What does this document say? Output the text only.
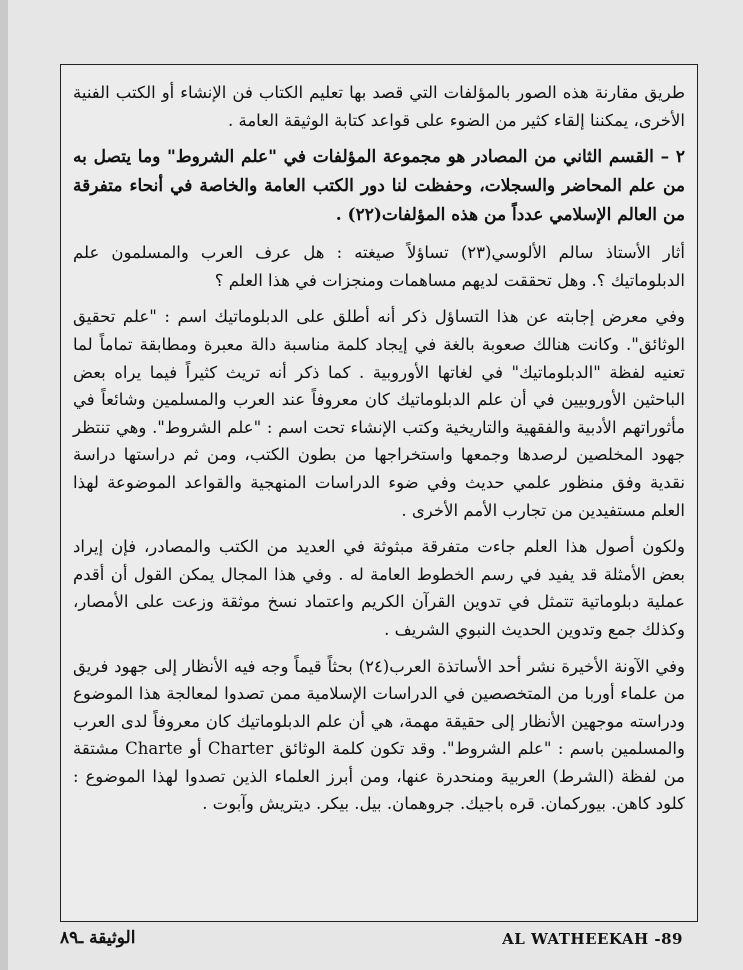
طريق مقارنة هذه الصور بالمؤلفات التي قصد بها تعليم الكتاب فن الإنشاء أو الكتب الفنية الأخرى، يمكننا إلقاء كثير من الضوء على قواعد كتابة الوثيقة العامة .

٢ – القسم الثاني من المصادر هو مجموعة المؤلفات في "علم الشروط" وما يتصل به من علم المحاضر والسجلات، وحفظت لنا دور الكتب العامة والخاصة في أنحاء متفرقة من العالم الإسلامي عدداً من هذه المؤلفات(٢٢) .

أثار الأستاذ سالم الألوسي(٢٣) تساؤلاً صيغته : هل عرف العرب والمسلمون علم الدبلوماتيك ؟. وهل تحققت لديهم مساهمات ومنجزات في هذا العلم ؟

وفي معرض إجابته عن هذا التساؤل ذكر أنه أطلق على الدبلوماتيك اسم : "علم تحقيق الوثائق". وكانت هنالك صعوبة بالغة في إيجاد كلمة مناسبة دالة معبرة ومطابقة تماماً لما تعنيه لفظة "الدبلوماتيك" في لغاتها الأوروبية . كما ذكر أنه تريث كثيراً فيما يراه بعض الباحثين الأوروبيين في أن علم الدبلوماتيك كان معروفاً عند العرب والمسلمين وشائعاً في مأثوراتهم الأدبية والفقهية والتاريخية وكتب الإنشاء تحت اسم : "علم الشروط". وهي تنتظر جهود المخلصين لرصدها وجمعها واستخراجها من بطون الكتب، ومن ثم دراستها دراسة نقدية وفق منظور علمي حديث وفي ضوء الدراسات المنهجية والقواعد الموضوعة لهذا العلم مستفيدين من تجارب الأمم الأخرى .

ولكون أصول هذا العلم جاءت متفرقة مبثوثة في العديد من الكتب والمصادر، فإن إيراد بعض الأمثلة قد يفيد في رسم الخطوط العامة له . وفي هذا المجال يمكن القول أن أقدم عملية دبلوماتية تتمثل في تدوين القرآن الكريم واعتماد نسخ موثقة وزعت على الأمصار، وكذلك جمع وتدوين الحديث النبوي الشريف .

وفي الآونة الأخيرة نشر أحد الأساتذة العرب(٢٤) بحثاً قيماً وجه فيه الأنظار إلى جهود فريق من علماء أوربا من المتخصصين في الدراسات الإسلامية ممن تصدوا لمعالجة هذا الموضوع ودراسته موجهين الأنظار إلى حقيقة مهمة، هي أن علم الدبلوماتيك كان معروفاً لدى العرب والمسلمين باسم : "علم الشروط". وقد تكون كلمة الوثائق Charter أو Charte مشتقة من لفظة (الشرط) العربية ومنحدرة عنها، ومن أبرز العلماء الذين تصدوا لهذا الموضوع : كلود كاهن. بيوركمان. قره باجيك. جروهمان. بيل. بيكر. ديتريش وآبوت .

الوثيقة ـ٨٩	AL WATHEEKAH -89
